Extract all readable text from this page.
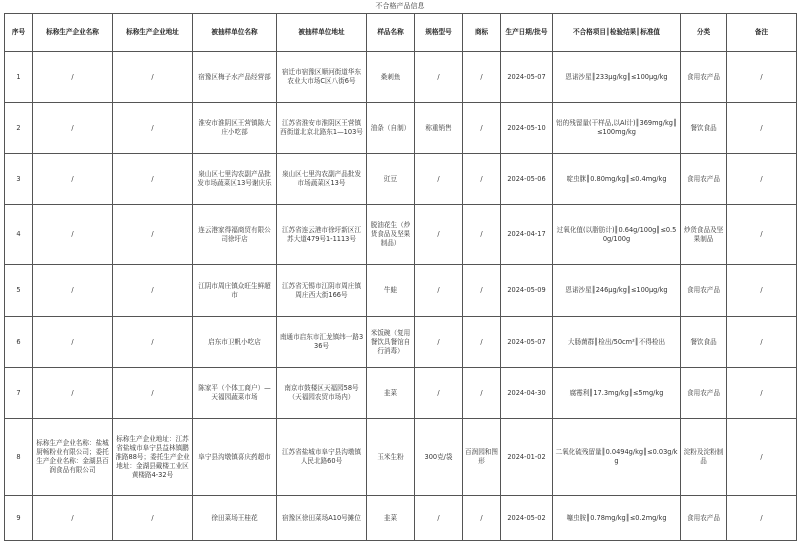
不合格产品信息
序号	标称生产企业名称	标称生产企业地址	被抽样单位名称	被抽样单位地址	样品名称	规格型号	商标	生产日期/批号	不合格项目║检验结果║标准值	分类	备注
1	/	/	宿豫区梅子水产品经营部	宿迁市宿豫区顺河街道华东农业大市场C区八街6号	桑刺鱼	/	/	2024-05-07	恩诺沙星║233μg/kg║≤100μg/kg	食用农产品	/
2	/	/	淮安市淮阴区王营镇陈大庄小吃部	江苏省淮安市淮阴区王营镇西街道北京北路东1—103号	油条（自制）	称重销售	/	2024-05-10	铝的残留量(干样品,以Al计)║369mg/kg║≤100mg/kg	餐饮食品	/
3	/	/	泉山区七里沟农副产品批发市场蔬菜区13号谢庆乐	泉山区七里沟农副产品批发市场蔬菜区13号	豇豆	/	/	2024-05-06	啶虫脒║0.80mg/kg║≤0.4mg/kg	食用农产品	/
4	/	/	连云港家得福商贸有限公司徐圩店	江苏省连云港市徐圩新区江苏大道479号1-1113号	脱油花生（炒货食品及坚果制品）	/	/	2024-04-17	过氧化值(以脂肪计)║0.64g/100g║≤0.50g/100g	炒货食品及坚果制品	/
5	/	/	江阴市周庄镇众旺生鲜超市	江苏省无锡市江阴市周庄镇周庄西大街166号	牛蛙	/	/	2024-05-09	恩诺沙星║246μg/kg║≤100μg/kg	食用农产品	/
6	/	/	启东市卫帆小吃店	南通市启东市汇龙镇纬一路336号	米饭碗（复用餐饮具餐馆自行消毒）	/	/	2024-05-07	大肠菌群║检出/50cm²║不得检出	餐饮食品	/
7	/	/	陈家平（个体工商户）—天福园蔬菜市场	南京市鼓楼区天福园58号（天福园农贸市场内）	韭菜	/	/	2024-04-30	腐霉利║17.3mg/kg║≤5mg/kg	食用农产品	/
8	标称生产企业名称：盐城厨畅粉业有限公司；委托生产企业名称：金湖县百润食品有限公司	标称生产企业地址：江苏省盐城市阜宁县益林镇鹏淮路88号；委托生产企业地址：金湖县戴楼工业区黄楼路4-32号	阜宁县沟墩镇喜庆药超市	江苏省盐城市阜宁县沟墩镇人民北路60号	玉米生粉	300克/袋	百润园和图形	2024-01-02	二氧化硫残留量║0.0494g/kg║≤0.03g/kg	淀粉及淀粉制品	/
9	/	/	徐田菜场王桂花	宿豫区徐田菜场A10号摊位	韭菜	/	/	2024-05-02	噻虫胺║0.78mg/kg║≤0.2mg/kg	食用农产品	/
